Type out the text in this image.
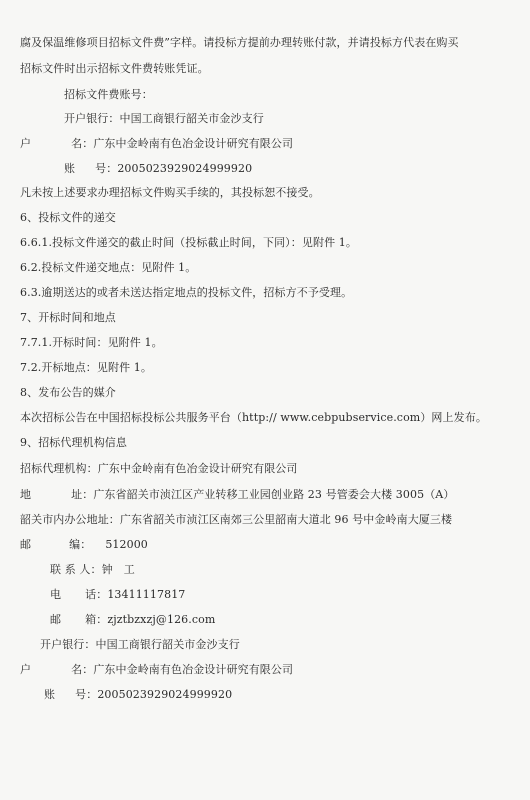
腐及保温维修项目招标文件费”字样。请投标方提前办理转账付款，并请投标方代表在购买
招标文件时出示招标文件费转账凭证。
招标文件费账号：
开户银行：中国工商银行韶关市金沙支行
户	名：广东中金岭南有色冶金设计研究有限公司
账 号：2005023929024999920
凡未按上述要求办理招标文件购买手续的，其投标恕不接受。
6、投标文件的递交
6.6.1.投标文件递交的截止时间（投标截止时间，下同）：见附件 1。
6.2.投标文件递交地点：见附件 1。
6.3.逾期送达的或者未送达指定地点的投标文件，招标方不予受理。
7、开标时间和地点
7.7.1.开标时间：见附件 1。
7.2.开标地点：见附件 1。
8、发布公告的媒介
本次招标公告在中国招标投标公共服务平台（http:// www.cebpubservice.com）网上发布。
9、招标代理机构信息
招标代理机构：广东中金岭南有色冶金设计研究有限公司
地	址：广东省韶关市浈江区产业转移工业园创业路 23 号管委会大楼 3005（A）
韶关市内办公地址：广东省韶关市浈江区南郊三公里韶南大道北 96 号中金岭南大厦三楼
邮	编： 512000
联 系 人：钟　工
电 话：13411117817
邮 箱：zjztbzxzj@126.com
开户银行：中国工商银行韶关市金沙支行
户	名：广东中金岭南有色冶金设计研究有限公司
账 号：2005023929024999920
